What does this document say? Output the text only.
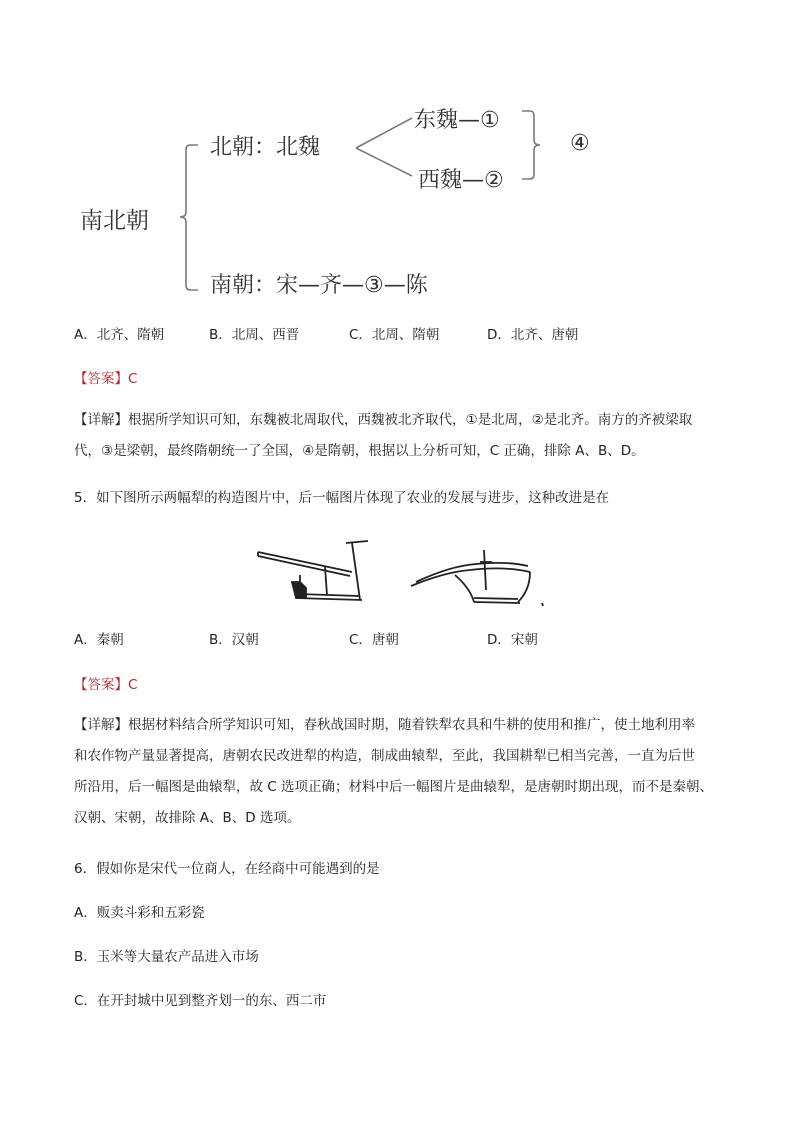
南北朝
北朝：北魏
东魏—①
西魏—②
④
南朝：宋—齐—③—陈
A．北齐、隋朝	B．北周、西晋	C．北周、隋朝	D．北齐、唐朝
【答案】C
【详解】根据所学知识可知，东魏被北周取代，西魏被北齐取代，①是北周，②是北齐。南方的齐被梁取
代，③是梁朝，最终隋朝统一了全国，④是隋朝，根据以上分析可知，C 正确，排除 A、B、D。
5．如下图所示两幅犁的构造图片中，后一幅图片体现了农业的发展与进步，这种改进是在
A．秦朝	B．汉朝	C．唐朝	D．宋朝
【答案】C
【详解】根据材料结合所学知识可知，春秋战国时期，随着铁犁农具和牛耕的使用和推广，使土地利用率
和农作物产量显著提高，唐朝农民改进犁的构造，制成曲辕犁，至此，我国耕犁已相当完善，一直为后世
所沿用，后一幅图是曲辕犁，故 C 选项正确；材料中后一幅图片是曲辕犁，是唐朝时期出现，而不是秦朝、
汉朝、宋朝，故排除 A、B、D 选项。
6．假如你是宋代一位商人，在经商中可能遇到的是
A．贩卖斗彩和五彩瓷
B．玉米等大量农产品进入市场
C．在开封城中见到整齐划一的东、西二市
